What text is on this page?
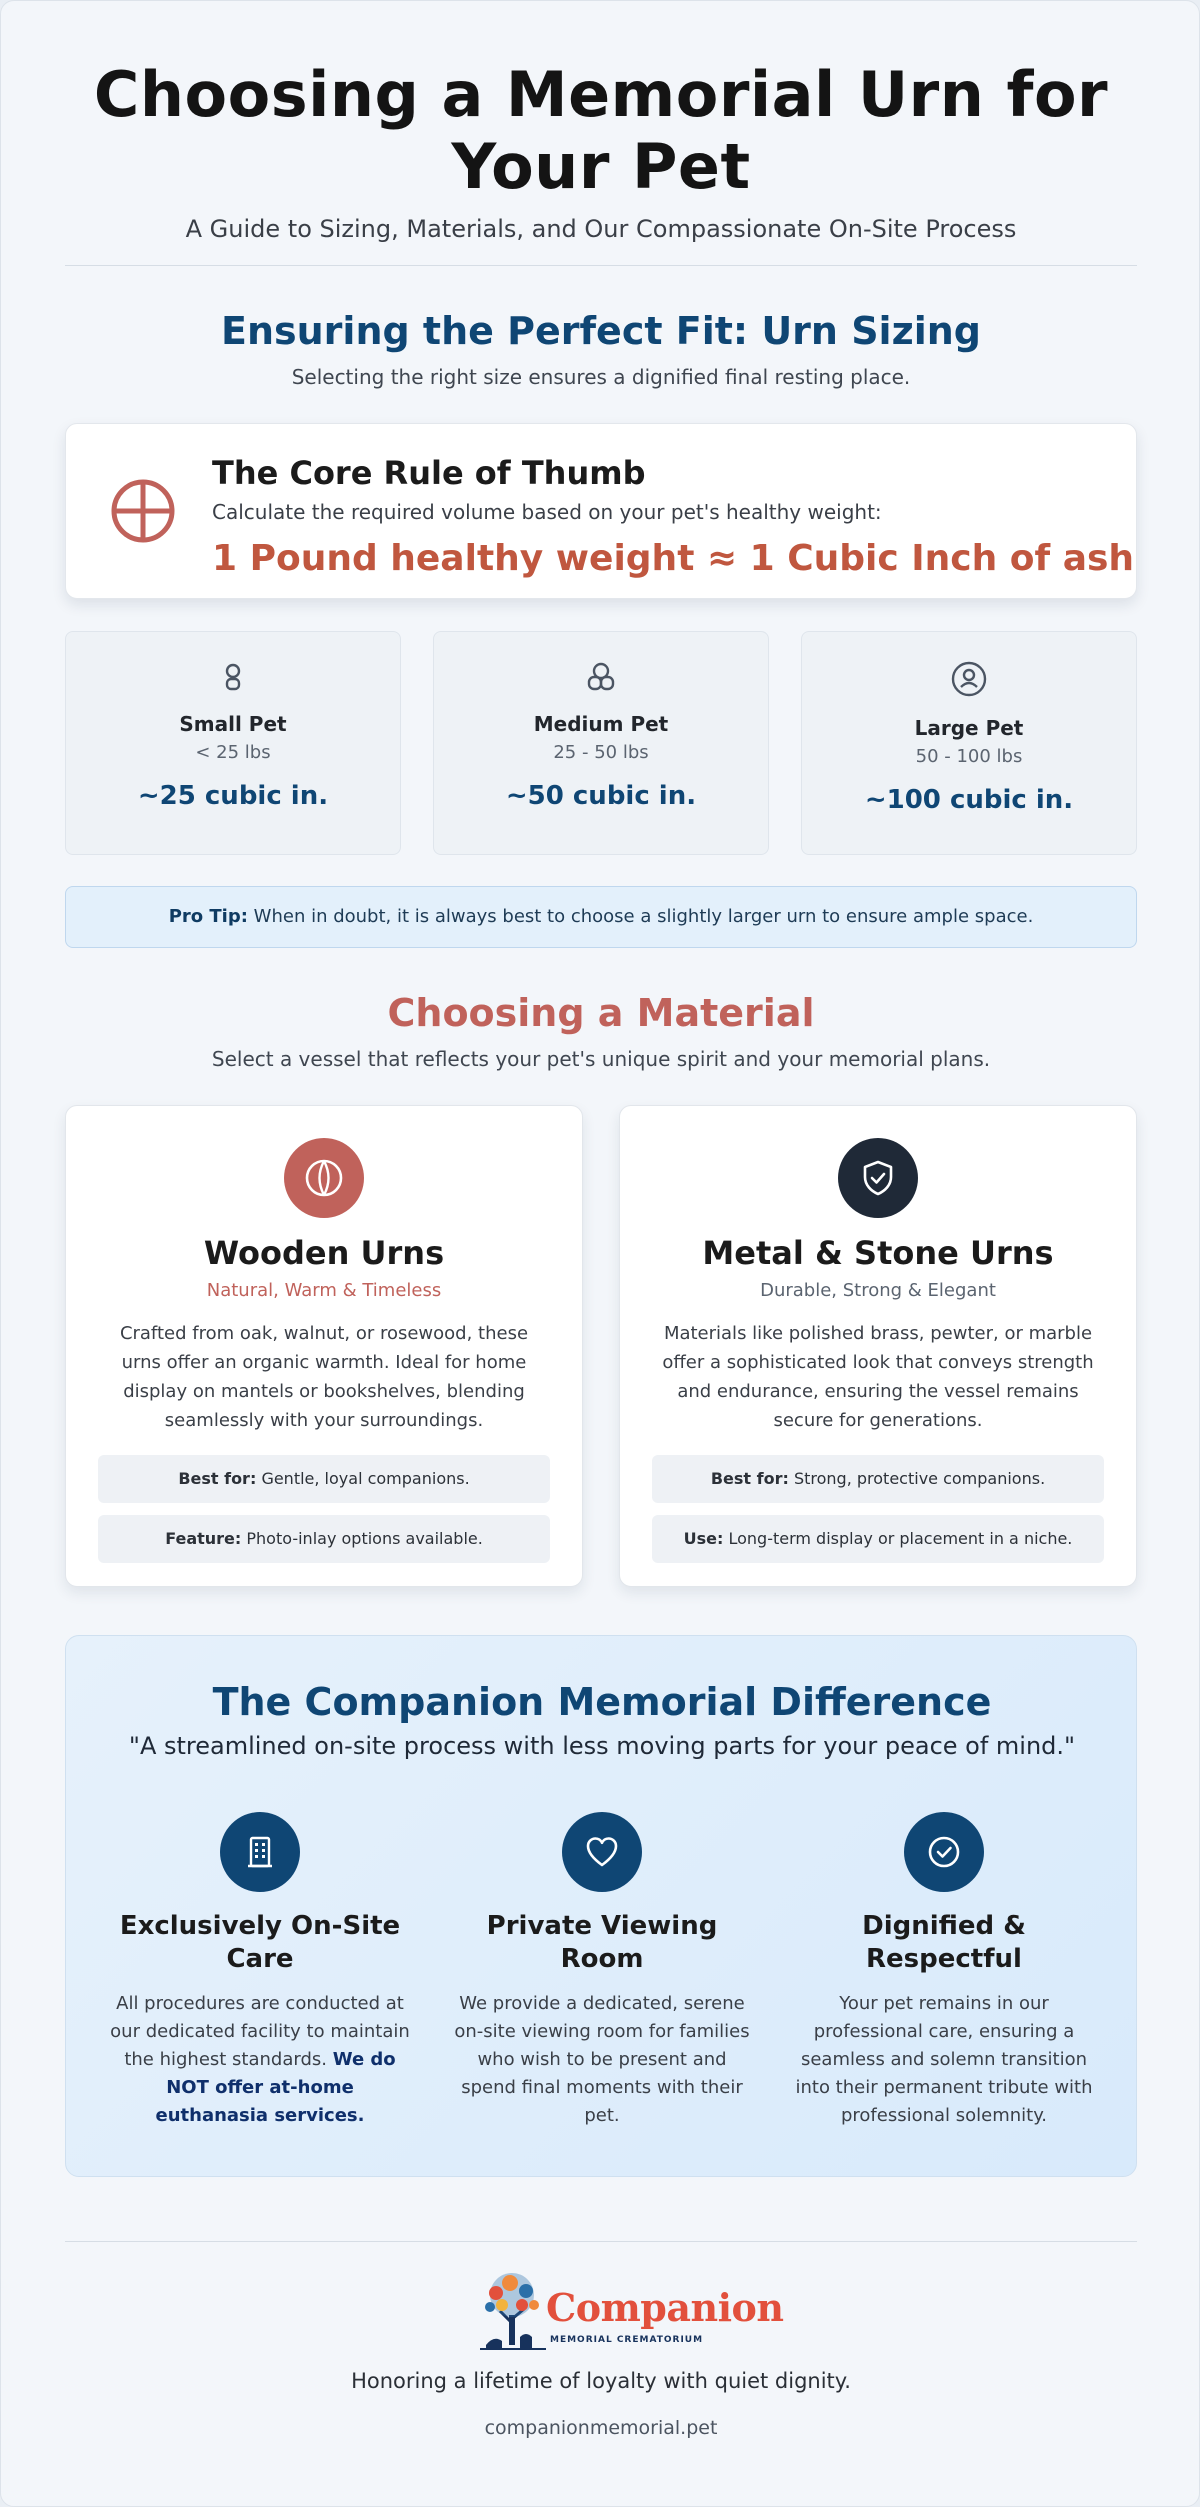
Choosing a Memorial Urn for Your Pet
A Guide to Sizing, Materials, and Our Compassionate On-Site Process
Ensuring the Perfect Fit: Urn Sizing

Selecting the right size ensures a dignified final resting place.

The Core Rule of Thumb
Calculate the required volume based on your pet's healthy weight:
1 Pound healthy weight ≈ 1 Cubic Inch of ash
Small Pet
< 25 lbs
~25 cubic in.
Medium Pet
25 - 50 lbs
~50 cubic in.
Large Pet
50 - 100 lbs
~100 cubic in.
Pro Tip: When in doubt, it is always best to choose a slightly larger urn to ensure ample space.
Choosing a Material

Select a vessel that reflects your pet's unique spirit and your memorial plans.

Wooden Urns
Natural, Warm & Timeless
Crafted from oak, walnut, or rosewood, these urns offer an organic warmth. Ideal for home display on mantels or bookshelves, blending seamlessly with your surroundings.
Best for: Gentle, loyal companions.
Feature: Photo-inlay options available.
Metal & Stone Urns
Durable, Strong & Elegant
Materials like polished brass, pewter, or marble offer a sophisticated look that conveys strength and endurance, ensuring the vessel remains secure for generations.
Best for: Strong, protective companions.
Use: Long-term display or placement in a niche.
The Companion Memorial Difference
"A streamlined on-site process with less moving parts for your peace of mind."
Exclusively On-Site Care
All procedures are conducted at our dedicated facility to maintain the highest standards. We do NOT offer at-home euthanasia services.
Private Viewing Room
We provide a dedicated, serene on-site viewing room for families who wish to be present and spend final moments with their pet.
Dignified & Respectful
Your pet remains in our professional care, ensuring a seamless and solemn transition into their permanent tribute with professional solemnity.
Companion
MEMORIAL CREMATORIUM
Honoring a lifetime of loyalty with quiet dignity.
companionmemorial.pet
